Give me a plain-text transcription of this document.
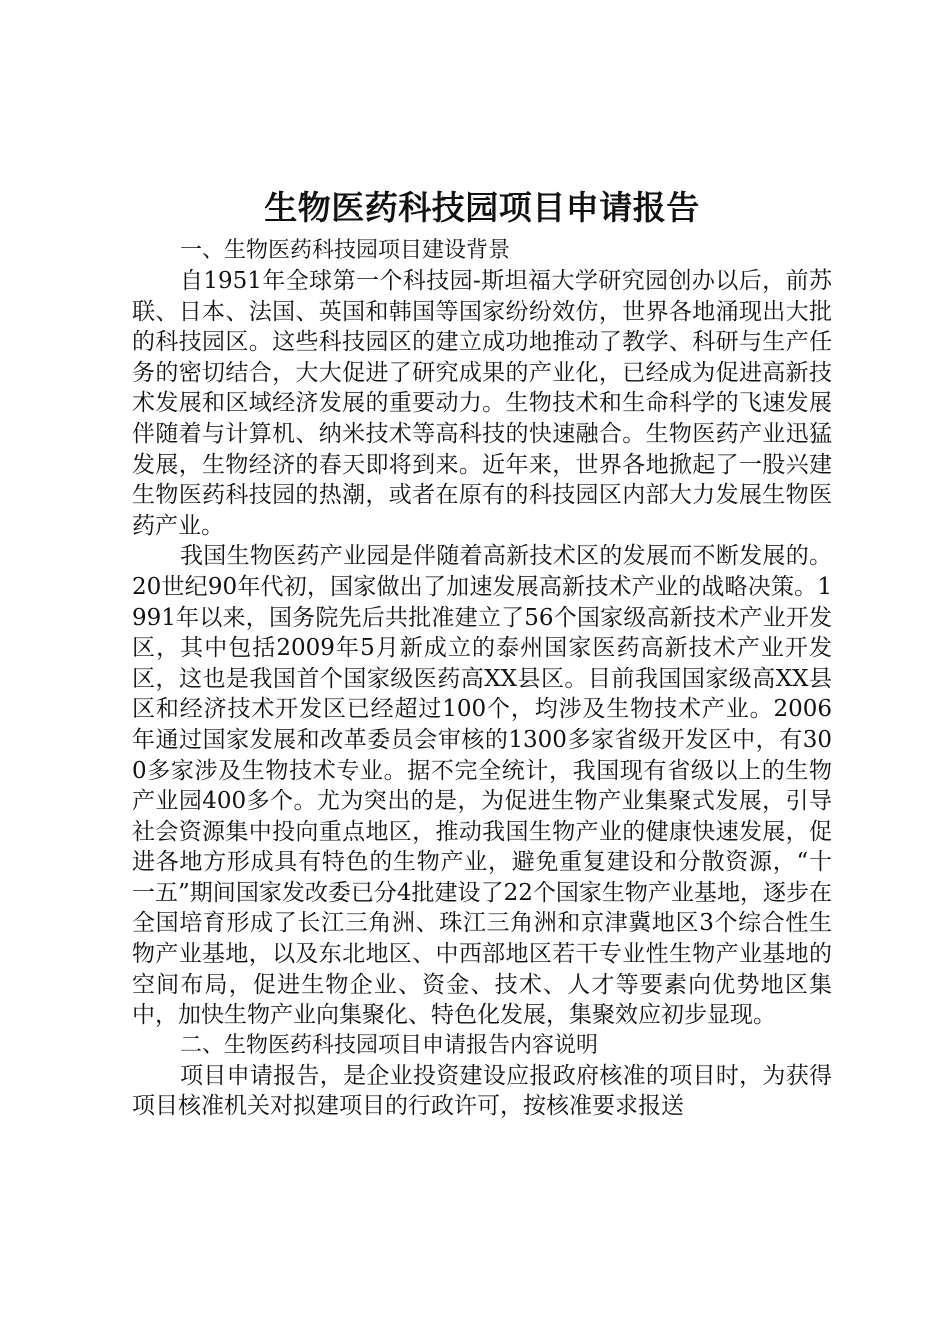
生物医药科技园项目申请报告

一、生物医药科技园项目建设背景

自1951年全球第一个科技园-斯坦福大学研究园创办以后，前苏联、日本、法国、英国和韩国等国家纷纷效仿，世界各地涌现出大批的科技园区。这些科技园区的建立成功地推动了教学、科研与生产任务的密切结合，大大促进了研究成果的产业化，已经成为促进高新技术发展和区域经济发展的重要动力。生物技术和生命科学的飞速发展伴随着与计算机、纳米技术等高科技的快速融合。生物医药产业迅猛发展，生物经济的春天即将到来。近年来，世界各地掀起了一股兴建生物医药科技园的热潮，或者在原有的科技园区内部大力发展生物医药产业。

我国生物医药产业园是伴随着高新技术区的发展而不断发展的。20世纪90年代初，国家做出了加速发展高新技术产业的战略决策。1991年以来，国务院先后共批准建立了56个国家级高新技术产业开发区，其中包括2009年5月新成立的泰州国家医药高新技术产业开发区，这也是我国首个国家级医药高XX县区。目前我国国家级高XX县区和经济技术开发区已经超过100个，均涉及生物技术产业。2006年通过国家发展和改革委员会审核的1300多家省级开发区中，有300多家涉及生物技术专业。据不完全统计，我国现有省级以上的生物产业园400多个。尤为突出的是，为促进生物产业集聚式发展，引导社会资源集中投向重点地区，推动我国生物产业的健康快速发展，促进各地方形成具有特色的生物产业，避免重复建设和分散资源，“十一五”期间国家发改委已分4批建设了22个国家生物产业基地，逐步在全国培育形成了长江三角洲、珠江三角洲和京津冀地区3个综合性生物产业基地，以及东北地区、中西部地区若干专业性生物产业基地的空间布局，促进生物企业、资金、技术、人才等要素向优势地区集中，加快生物产业向集聚化、特色化发展，集聚效应初步显现。

二、生物医药科技园项目申请报告内容说明

项目申请报告，是企业投资建设应报政府核准的项目时，为获得项目核准机关对拟建项目的行政许可，按核准要求报送
